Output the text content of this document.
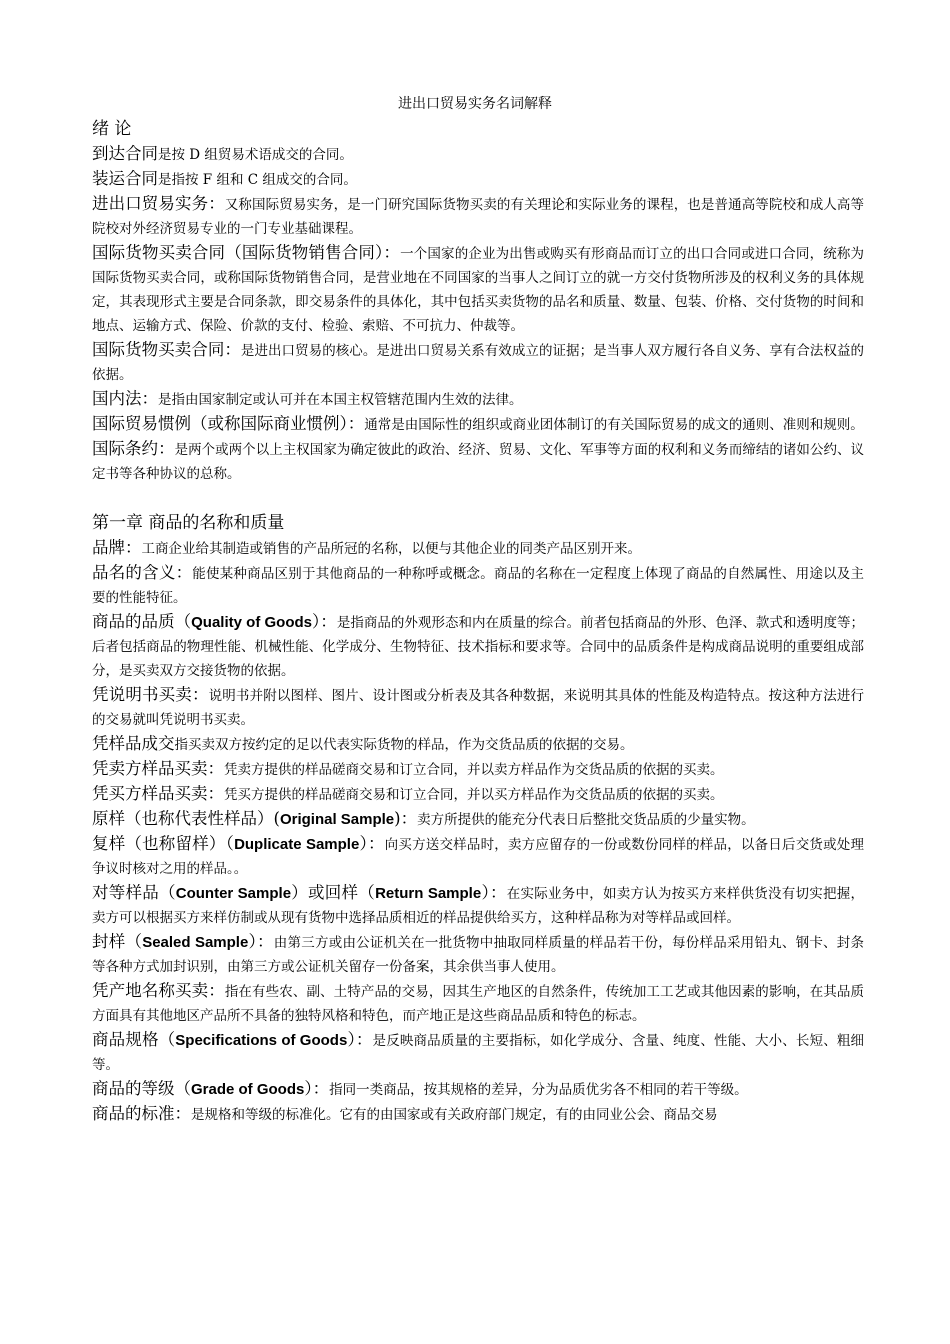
进出口贸易实务名词解释
绪 论
到达合同是按 D 组贸易术语成交的合同。
装运合同是指按 F 组和 C 组成交的合同。
进出口贸易实务：又称国际贸易实务，是一门研究国际货物买卖的有关理论和实际业务的课程，也是普通高等院校和成人高等院校对外经济贸易专业的一门专业基础课程。
国际货物买卖合同（国际货物销售合同）：一个国家的企业为出售或购买有形商品而订立的出口合同或进口合同，统称为国际货物买卖合同，或称国际货物销售合同，是营业地在不同国家的当事人之间订立的就一方交付货物所涉及的权利义务的具体规定，其表现形式主要是合同条款，即交易条件的具体化，其中包括买卖货物的品名和质量、数量、包装、价格、交付货物的时间和地点、运输方式、保险、价款的支付、检验、索赔、不可抗力、仲裁等。
国际货物买卖合同：是进出口贸易的核心。是进出口贸易关系有效成立的证据；是当事人双方履行各自义务、享有合法权益的依据。
国内法：是指由国家制定或认可并在本国主权管辖范围内生效的法律。
国际贸易惯例（或称国际商业惯例）：通常是由国际性的组织或商业团体制订的有关国际贸易的成文的通则、准则和规则。
国际条约：是两个或两个以上主权国家为确定彼此的政治、经济、贸易、文化、军事等方面的权利和义务而缔结的诸如公约、议定书等各种协议的总称。
第一章 商品的名称和质量
品牌：工商企业给其制造或销售的产品所冠的名称，以便与其他企业的同类产品区别开来。
品名的含义：能使某种商品区别于其他商品的一种称呼或概念。商品的名称在一定程度上体现了商品的自然属性、用途以及主要的性能特征。
商品的品质（Quality of Goods）：是指商品的外观形态和内在质量的综合。前者包括商品的外形、色泽、款式和透明度等；后者包括商品的物理性能、机械性能、化学成分、生物特征、技术指标和要求等。合同中的品质条件是构成商品说明的重要组成部分，是买卖双方交接货物的依据。
凭说明书买卖：说明书并附以图样、图片、设计图或分析表及其各种数据，来说明其具体的性能及构造特点。按这种方法进行的交易就叫凭说明书买卖。
凭样品成交指买卖双方按约定的足以代表实际货物的样品，作为交货品质的依据的交易。
凭卖方样品买卖：凭卖方提供的样品磋商交易和订立合同，并以卖方样品作为交货品质的依据的买卖。
凭买方样品买卖：凭买方提供的样品磋商交易和订立合同，并以买方样品作为交货品质的依据的买卖。
原样（也称代表性样品）(Original Sample)：卖方所提供的能充分代表日后整批交货品质的少量实物。
复样（也称留样）（Duplicate Sample）：向买方送交样品时，卖方应留存的一份或数份同样的样品，以备日后交货或处理争议时核对之用的样品。。
对等样品（Counter Sample）或回样（Return Sample）：在实际业务中，如卖方认为按买方来样供货没有切实把握，卖方可以根据买方来样仿制或从现有货物中选择品质相近的样品提供给买方，这种样品称为对等样品或回样。
封样（Sealed Sample）：由第三方或由公证机关在一批货物中抽取同样质量的样品若干份，每份样品采用铅丸、钢卡、封条等各种方式加封识别，由第三方或公证机关留存一份备案，其余供当事人使用。
凭产地名称买卖：指在有些农、副、土特产品的交易，因其生产地区的自然条件，传统加工工艺或其他因素的影响，在其品质方面具有其他地区产品所不具备的独特风格和特色，而产地正是这些商品品质和特色的标志。
商品规格（Specifications of Goods）：是反映商品质量的主要指标，如化学成分、含量、纯度、性能、大小、长短、粗细等。
商品的等级（Grade of Goods）：指同一类商品，按其规格的差异，分为品质优劣各不相同的若干等级。
商品的标准：是规格和等级的标准化。它有的由国家或有关政府部门规定，有的由同业公会、商品交易
